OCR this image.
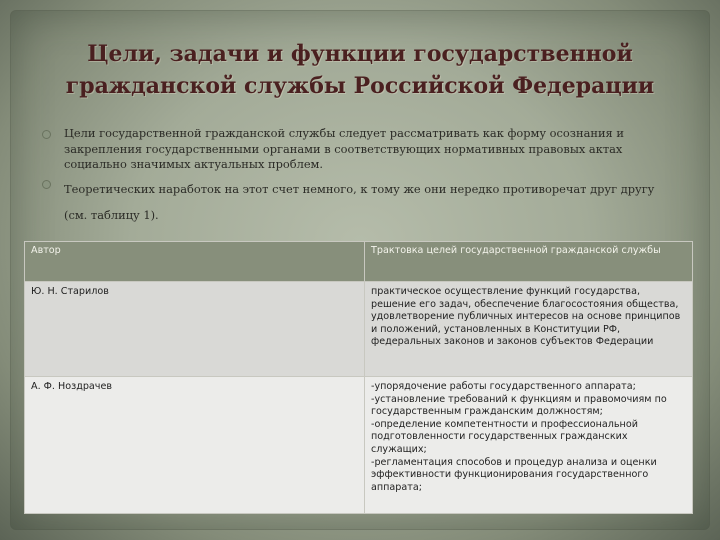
Цели, задачи и функции государственной гражданской службы Российской Федерации
Цели государственной гражданской службы следует рассматривать как форму осознания и закрепления государственными органами в соответствующих нормативных правовых актах социально значимых актуальных проблем.
Теоретических наработок на этот счет немного, к тому же они нередко противоречат друг другу (см. таблицу 1).
Автор	Трактовка целей государственной гражданской службы
Ю. Н. Старилов	практическое осуществление функций государства, решение его задач, обеспечение благосостояния общества, удовлетворение публичных интересов на основе принципов и положений, установленных в Конституции РФ, федеральных законов и законов субъектов Федерации
А. Ф. Ноздрачев	-упорядочение работы государственного аппарата;
-установление требований к функциям и правомочиям по государственным гражданским должностям;
-определение компетентности и профессиональной подготовленности государственных гражданских служащих;
-регламентация способов и процедур анализа и оценки эффективности функционирования государственного аппарата;
